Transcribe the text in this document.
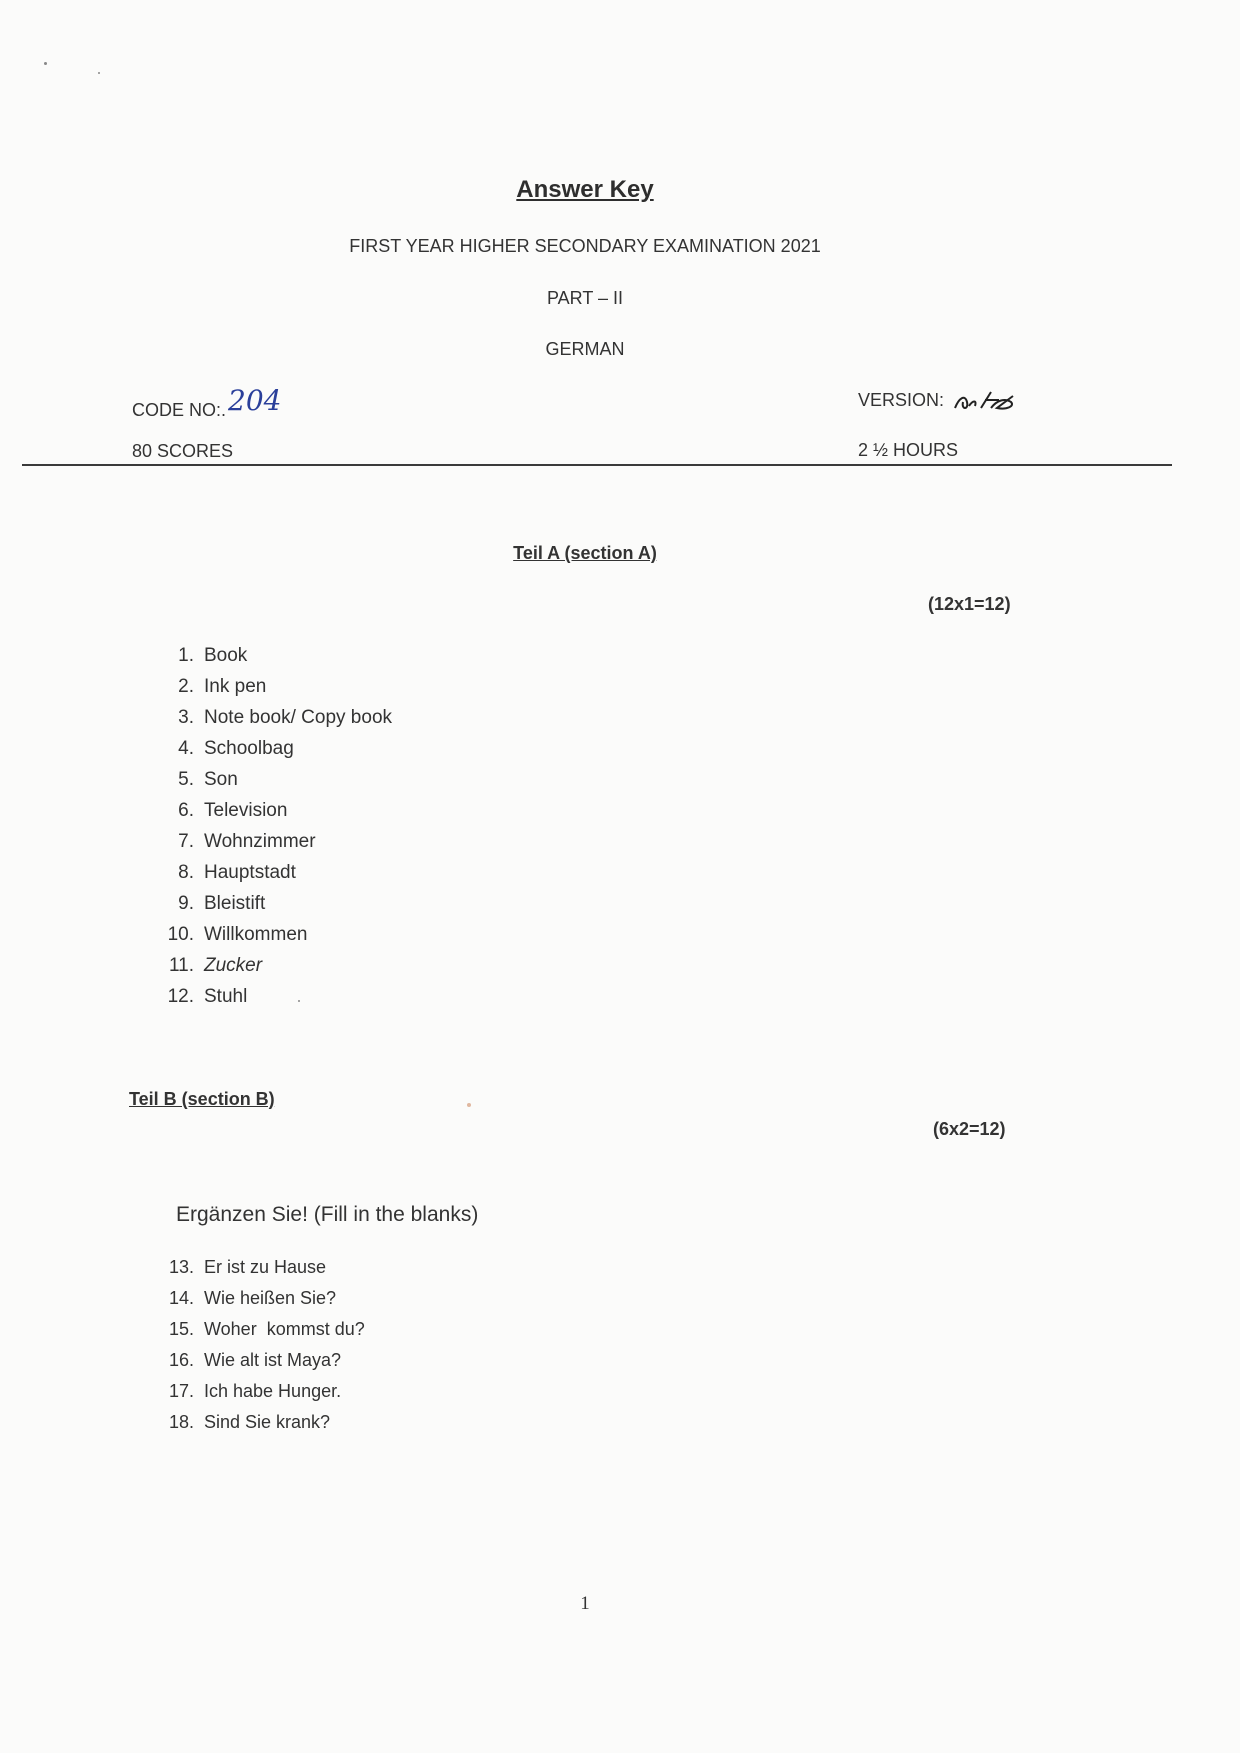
Answer Key
FIRST YEAR HIGHER SECONDARY EXAMINATION 2021
PART – II
GERMAN
CODE NO:.204	VERSION:
80 SCORES	2 ½ HOURS
Teil A (section A)
(12x1=12)
1. Book
2. Ink pen
3. Note book/ Copy book
4. Schoolbag
5. Son
6. Television
7. Wohnzimmer
8. Hauptstadt
9. Bleistift
10. Willkommen
11. Zucker
12. Stuhl
Teil B (section B)
(6x2=12)
Ergänzen Sie! (Fill in the blanks)
13. Er ist zu Hause
14. Wie heißen Sie?
15. Woher  kommst du?
16. Wie alt ist Maya?
17. Ich habe Hunger.
18. Sind Sie krank?
1
